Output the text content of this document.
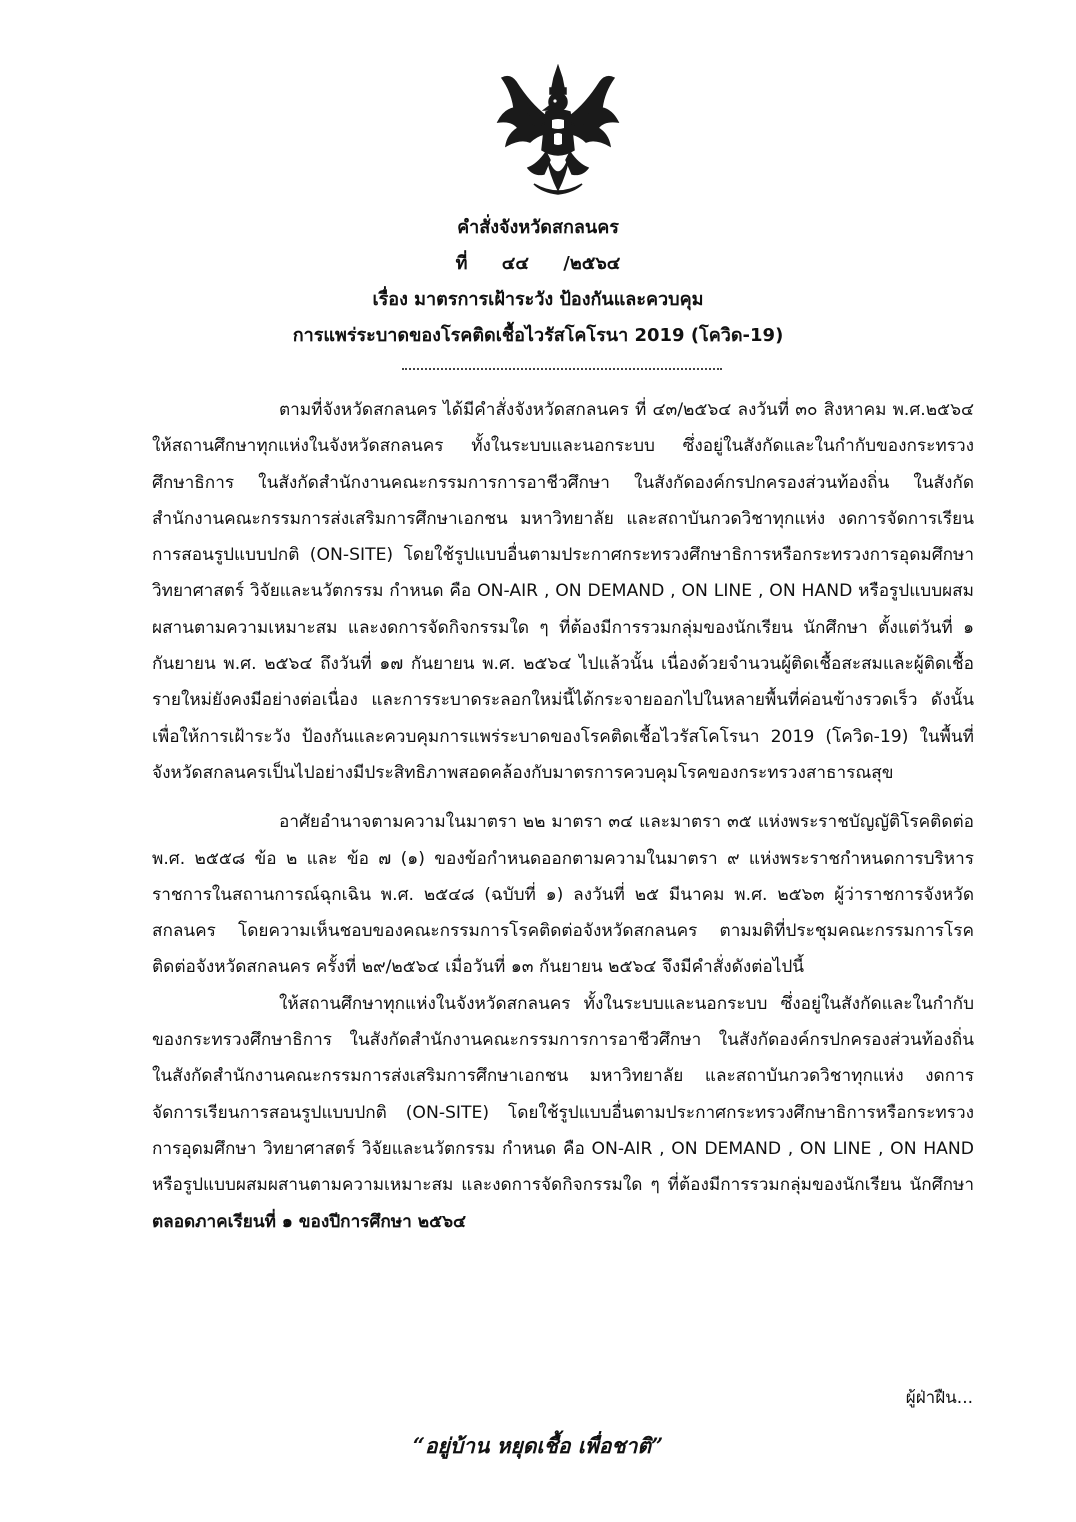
คำสั่งจังหวัดสกลนคร
ที่ ๔๔ /๒๕๖๔
เรื่อง มาตรการเฝ้าระวัง ป้องกันและควบคุม
การแพร่ระบาดของโรคติดเชื้อไวรัสโคโรนา 2019 (โควิด-19)

ตามที่จังหวัดสกลนคร ได้มีคำสั่งจังหวัดสกลนคร ที่ ๔๓/๒๕๖๔ ลงวันที่ ๓๐ สิงหาคม พ.ศ.๒๕๖๔ ให้สถานศึกษาทุกแห่งในจังหวัดสกลนคร ทั้งในระบบและนอกระบบ ซึ่งอยู่ในสังกัดและในกำกับของกระทรวงศึกษาธิการ ในสังกัดสำนักงานคณะกรรมการการอาชีวศึกษา ในสังกัดองค์กรปกครองส่วนท้องถิ่น ในสังกัดสำนักงานคณะกรรมการส่งเสริมการศึกษาเอกชน มหาวิทยาลัย และสถาบันกวดวิชาทุกแห่ง งดการจัดการเรียนการสอนรูปแบบปกติ (ON-SITE) โดยใช้รูปแบบอื่นตามประกาศกระทรวงศึกษาธิการหรือกระทรวงการอุดมศึกษา วิทยาศาสตร์ วิจัยและนวัตกรรม กำหนด คือ ON-AIR , ON DEMAND , ON LINE , ON HAND หรือรูปแบบผสมผสานตามความเหมาะสม และงดการจัดกิจกรรมใด ๆ ที่ต้องมีการรวมกลุ่มของนักเรียน นักศึกษา ตั้งแต่วันที่ ๑ กันยายน พ.ศ. ๒๕๖๔ ถึงวันที่ ๑๗ กันยายน พ.ศ. ๒๕๖๔ ไปแล้วนั้น เนื่องด้วยจำนวนผู้ติดเชื้อสะสมและผู้ติดเชื้อรายใหม่ยังคงมีอย่างต่อเนื่อง และการระบาดระลอกใหม่นี้ได้กระจายออกไปในหลายพื้นที่ค่อนข้างรวดเร็ว ดังนั้นเพื่อให้การเฝ้าระวัง ป้องกันและควบคุมการแพร่ระบาดของโรคติดเชื้อไวรัสโคโรนา 2019 (โควิด-19) ในพื้นที่จังหวัดสกลนครเป็นไปอย่างมีประสิทธิภาพสอดคล้องกับมาตรการควบคุมโรคของกระทรวงสาธารณสุข

อาศัยอำนาจตามความในมาตรา ๒๒ มาตรา ๓๔ และมาตรา ๓๕ แห่งพระราชบัญญัติโรคติดต่อ พ.ศ. ๒๕๕๘ ข้อ ๒ และ ข้อ ๗ (๑) ของข้อกำหนดออกตามความในมาตรา ๙ แห่งพระราชกำหนดการบริหารราชการในสถานการณ์ฉุกเฉิน พ.ศ. ๒๕๔๘ (ฉบับที่ ๑) ลงวันที่ ๒๕ มีนาคม พ.ศ. ๒๕๖๓ ผู้ว่าราชการจังหวัดสกลนคร โดยความเห็นชอบของคณะกรรมการโรคติดต่อจังหวัดสกลนคร ตามมติที่ประชุมคณะกรรมการโรคติดต่อจังหวัดสกลนคร ครั้งที่ ๒๙/๒๕๖๔ เมื่อวันที่ ๑๓ กันยายน ๒๕๖๔ จึงมีคำสั่งดังต่อไปนี้

ให้สถานศึกษาทุกแห่งในจังหวัดสกลนคร ทั้งในระบบและนอกระบบ ซึ่งอยู่ในสังกัดและในกำกับของกระทรวงศึกษาธิการ ในสังกัดสำนักงานคณะกรรมการการอาชีวศึกษา ในสังกัดองค์กรปกครองส่วนท้องถิ่น ในสังกัดสำนักงานคณะกรรมการส่งเสริมการศึกษาเอกชน มหาวิทยาลัย และสถาบันกวดวิชาทุกแห่ง งดการจัดการเรียนการสอนรูปแบบปกติ (ON-SITE) โดยใช้รูปแบบอื่นตามประกาศกระทรวงศึกษาธิการหรือกระทรวงการอุดมศึกษา วิทยาศาสตร์ วิจัยและนวัตกรรม กำหนด คือ ON-AIR , ON DEMAND , ON LINE , ON HAND หรือรูปแบบผสมผสานตามความเหมาะสม และงดการจัดกิจกรรมใด ๆ ที่ต้องมีการรวมกลุ่มของนักเรียน นักศึกษา ตลอดภาคเรียนที่ ๑ ของปีการศึกษา ๒๕๖๔

ผู้ฝ่าฝืน...
“อยู่บ้าน หยุดเชื้อ เพื่อชาติ”
